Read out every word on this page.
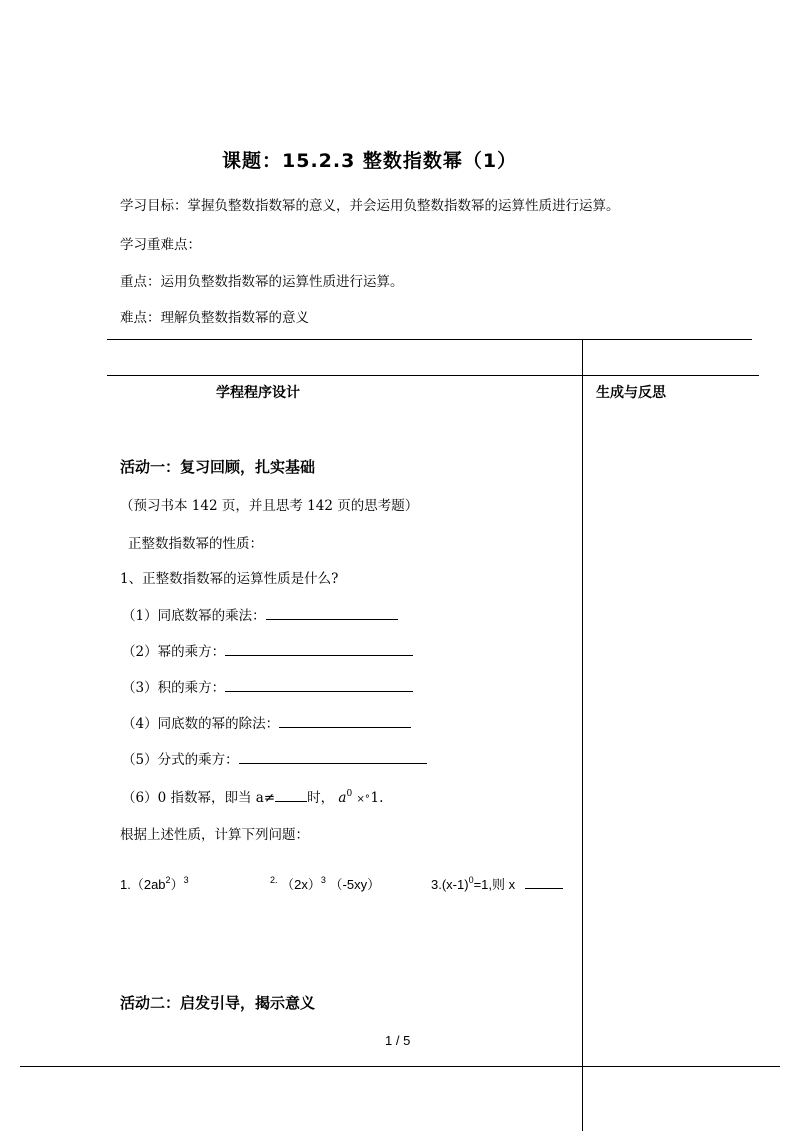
课题：15.2.3 整数指数幂（1）
学习目标：掌握负整数指数幂的意义，并会运用负整数指数幂的运算性质进行运算。
学习重难点：
重点：运用负整数指数幂的运算性质进行运算。
难点：理解负整数指数幂的意义
学程程序设计	生成与反思
活动一：复习回顾，扎实基础
（预习书本 142 页，并且思考 142 页的思考题）
正整数指数幂的性质：
1、正整数指数幂的运算性质是什么?
（1）同底数幂的乘法：
（2）幂的乘方：
（3）积的乘方：
（4）同底数的幂的除法：
（5）分式的乘方：
（6）0 指数幂，即当 a≠ 时， $a^0 \times^\circ 1$.
根据上述性质，计算下列问题：
$1.(2ab^2)^3$	$^{2.}$ $(2x)^3$ （-5xy）	$3.(x-1)^0=1$,则 x
活动二：启发引导，揭示意义
1 / 5
